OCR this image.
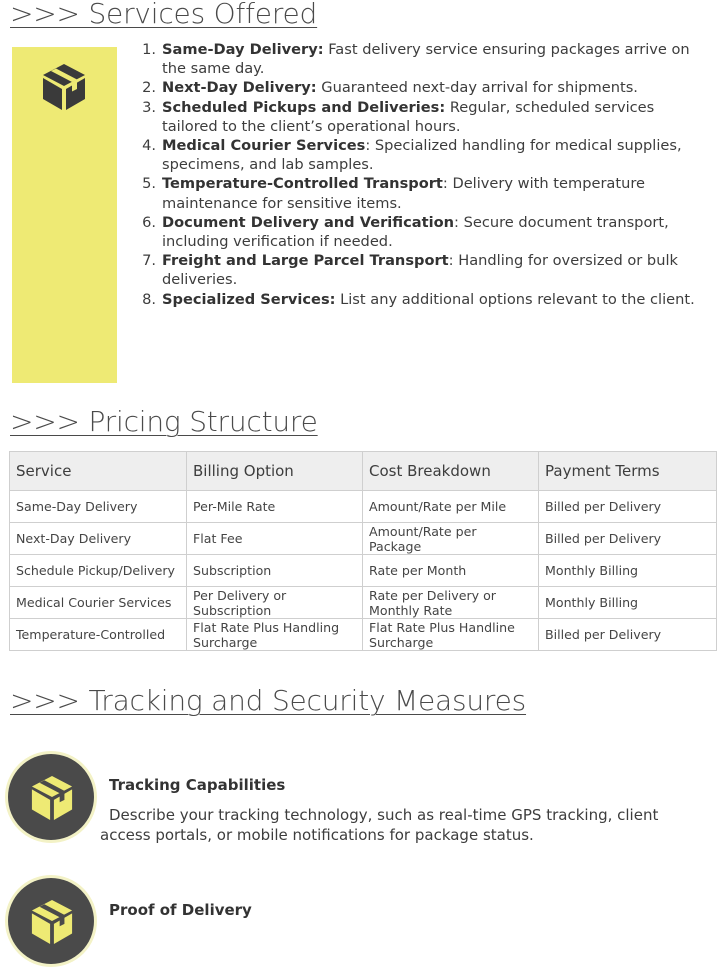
>>> Services Offered
1. Same-Day Delivery: Fast delivery service ensuring packages arrive on the same day.
2. Next-Day Delivery: Guaranteed next-day arrival for shipments.
3. Scheduled Pickups and Deliveries: Regular, scheduled services tailored to the client’s operational hours.
4. Medical Courier Services: Specialized handling for medical supplies, specimens, and lab samples.
5. Temperature-Controlled Transport: Delivery with temperature maintenance for sensitive items.
6. Document Delivery and Verification: Secure document transport, including verification if needed.
7. Freight and Large Parcel Transport: Handling for oversized or bulk deliveries.
8. Specialized Services: List any additional options relevant to the client.
>>> Pricing Structure
Service	Billing Option	Cost Breakdown	Payment Terms
Same-Day Delivery	Per-Mile Rate	Amount/Rate per Mile	Billed per Delivery
Next-Day Delivery	Flat Fee	Amount/Rate per Package	Billed per Delivery
Schedule Pickup/Delivery	Subscription	Rate per Month	Monthly Billing
Medical Courier Services	Per Delivery or Subscription	Rate per Delivery or Monthly Rate	Monthly Billing
Temperature-Controlled	Flat Rate Plus Handling Surcharge	Flat Rate Plus Handline Surcharge	Billed per Delivery
>>> Tracking and Security Measures
Tracking Capabilities

Describe your tracking technology, such as real-time GPS tracking, client access portals, or mobile notifications for package status.

Proof of Delivery
